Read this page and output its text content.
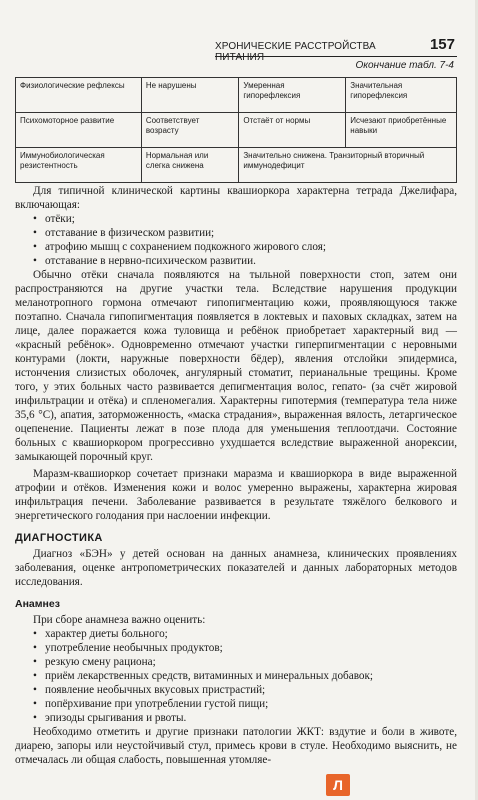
ХРОНИЧЕСКИЕ РАССТРОЙСТВА ПИТАНИЯ
157
Окончание табл. 7-4
Физиологические рефлексы	Не нарушены	Умеренная гипорефлексия	Значительная гипорефлексия
Психомоторное развитие	Соответствует возрасту	Отстаёт от нормы	Исчезают приобретённые навыки
Иммунобиологическая резистентность	Нормальная или слегка снижена	Значительно снижена. Транзиторный вторичный иммунодефицит	

Для типичной клинической картины квашиоркора характерна тетрада Джелифара, включающая:

• отёки;
• отставание в физическом развитии;
• атрофию мышц с сохранением подкожного жирового слоя;
• отставание в нервно-психическом развитии.

Обычно отёки сначала появляются на тыльной поверхности стоп, затем они распространяются на другие участки тела. Вследствие нарушения продукции меланотропного гормона отмечают гипопигментацию кожи, проявляющуюся также поэтапно. Сначала гипопигментация появляется в локтевых и паховых складках, затем на лице, далее поражается кожа туловища и ребёнок приобретает характерный вид — «красный ребёнок». Одновременно отмечают участки гиперпигментации с неровными контурами (локти, наружные поверхности бёдер), явления отслойки эпидермиса, истончения слизистых оболочек, ангулярный стоматит, перианальные трещины. Кроме того, у этих больных часто развивается депигментация волос, гепато- (за счёт жировой инфильтрации и отёка) и спленомегалия. Характерны гипотермия (температура тела ниже 35,6 °С), апатия, заторможенность, «маска страдания», выраженная вялость, летаргическое оцепенение. Пациенты лежат в позе плода для уменьшения теплоотдачи. Состояние больных с квашиоркором прогрессивно ухудшается вследствие выраженной анорексии, замыкающей порочный круг.

Маразм-квашиоркор сочетает признаки маразма и квашиоркора в виде выраженной атрофии и отёков. Изменения кожи и волос умеренно выражены, характерна жировая инфильтрация печени. Заболевание развивается в результате тяжёлого белкового и энергетического голодания при наслоении инфекции.

ДИАГНОСТИКА

Диагноз «БЭН» у детей основан на данных анамнеза, клинических проявлениях заболевания, оценке антропометрических показателей и данных лабораторных методов исследования.

Анамнез

При сборе анамнеза важно оценить:

• характер диеты больного;
• употребление необычных продуктов;
• резкую смену рациона;
• приём лекарственных средств, витаминных и минеральных добавок;
• появление необычных вкусовых пристрастий;
• попёрхивание при употреблении густой пищи;
• эпизоды срыгивания и рвоты.

Необходимо отметить и другие признаки патологии ЖКТ: вздутие и боли в животе, диарею, запоры или неустойчивый стул, примесь крови в стуле. Необходимо выяснить, не отмечалась ли общая слабость, повышенная утомляе-

Л
